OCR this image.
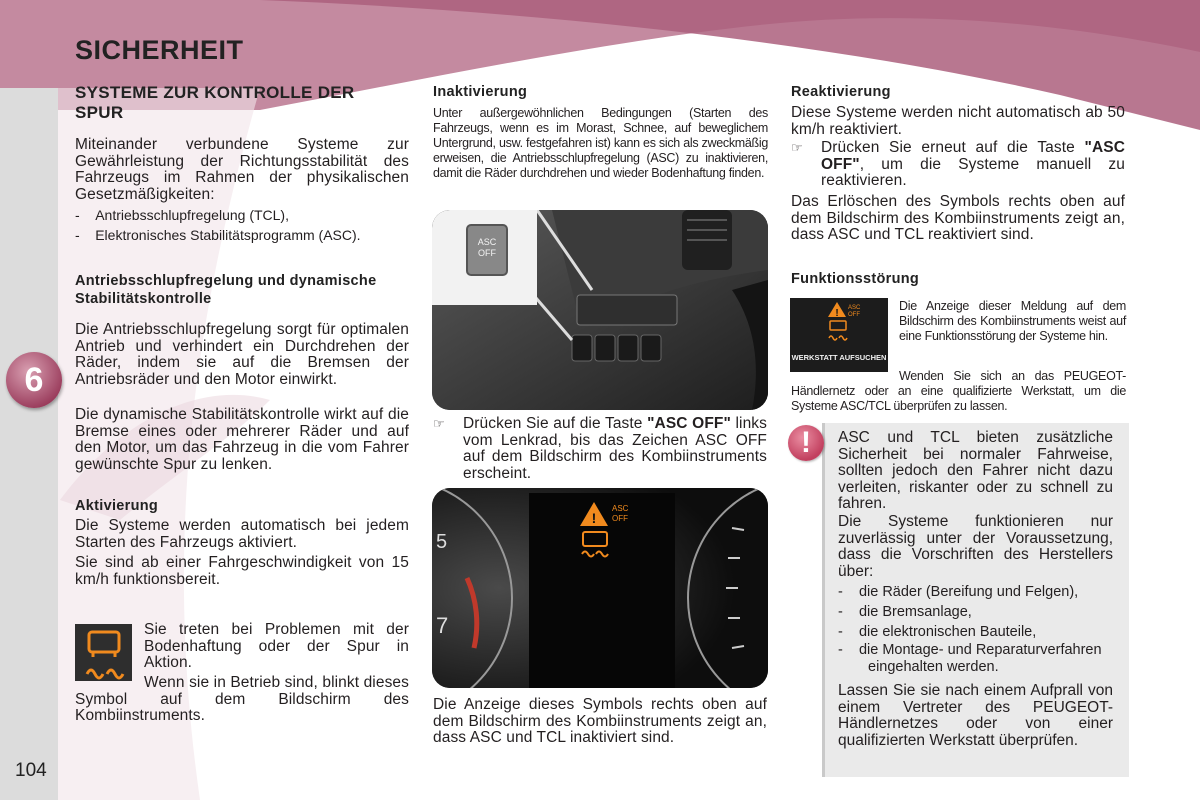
SICHERHEIT
6
104
SYSTEME ZUR KONTROLLE DER SPUR

Miteinander verbundene Systeme zur Gewährleistung der Richtungsstabilität des Fahrzeugs im Rahmen der physikalischen Gesetzmäßigkeiten:

-    Antriebsschlupfregelung (TCL),
-    Elektronisches Stabilitätsprogramm (ASC).
Antriebsschlupfregelung und dynamische Stabilitätskontrolle

Die Antriebsschlupfregelung sorgt für optimalen Antrieb und verhindert ein Durchdrehen der Räder, indem sie auf die Bremsen der Antriebsräder und den Motor einwirkt.

Die dynamische Stabilitätskontrolle wirkt auf die Bremse eines oder mehrerer Räder und auf den Motor, um das Fahrzeug in die vom Fahrer gewünschte Spur zu lenken.

Aktivierung

Die Systeme werden automatisch bei jedem Starten des Fahrzeugs aktiviert.

Sie sind ab einer Fahrgeschwindigkeit von 15 km/h funktionsbereit.

Sie treten bei Problemen mit der Bodenhaftung oder der Spur in Aktion.

Wenn sie in Betrieb sind, blinkt dieses Symbol auf dem Bildschirm des Kombiinstruments.

Inaktivierung

Unter außergewöhnlichen Bedingungen (Starten des Fahrzeugs, wenn es im Morast, Schnee, auf beweglichem Untergrund, usw. festgefahren ist) kann es sich als zweckmäßig erweisen, die Antriebsschlupfregelung (ASC) zu inaktivieren, damit die Räder durchdrehen und wieder Bodenhaftung finden.

ASC
OFF
☞	Drücken Sie auf die Taste "ASC OFF" links vom Lenkrad, bis das Zeichen ASC OFF auf dem Bildschirm des Kombiinstruments erscheint.

5
7
!
ASC
OFF

Die Anzeige dieses Symbols rechts oben auf dem Bildschirm des Kombiinstruments zeigt an, dass ASC und TCL inaktiviert sind.

Reaktivierung

Diese Systeme werden nicht automatisch ab 50 km/h reaktiviert.

☞	Drücken Sie erneut auf die Taste "ASC OFF", um die Systeme manuell zu reaktivieren.

Das Erlöschen des Symbols rechts oben auf dem Bildschirm des Kombiinstruments zeigt an, dass ASC und TCL reaktiviert sind.

Funktionsstörung
! ASC
OFF
WERKSTATT AUFSUCHEN

Die Anzeige dieser Meldung auf dem Bildschirm des Kombiinstruments weist auf eine Funktionsstörung der Systeme hin.

Wenden Sie sich an das PEUGEOT-Händlernetz oder an eine qualifizierte Werkstatt, um die Systeme ASC/TCL überprüfen zu lassen.

!	ASC und TCL bieten zusätzliche Sicherheit bei normaler Fahrweise, sollten jedoch den Fahrer nicht dazu verleiten, riskanter oder zu schnell zu fahren.

Die Systeme funktionieren nur zuverlässig unter der Voraussetzung, dass die Vorschriften des Herstellers über:

-    die Räder (Bereifung und Felgen),
-    die Bremsanlage,
-    die elektronischen Bauteile,
-    die Montage- und Reparaturverfahren eingehalten werden.

Lassen Sie sie nach einem Aufprall von einem Vertreter des PEUGEOT-Händlernetzes oder von einer qualifizierten Werkstatt überprüfen.
